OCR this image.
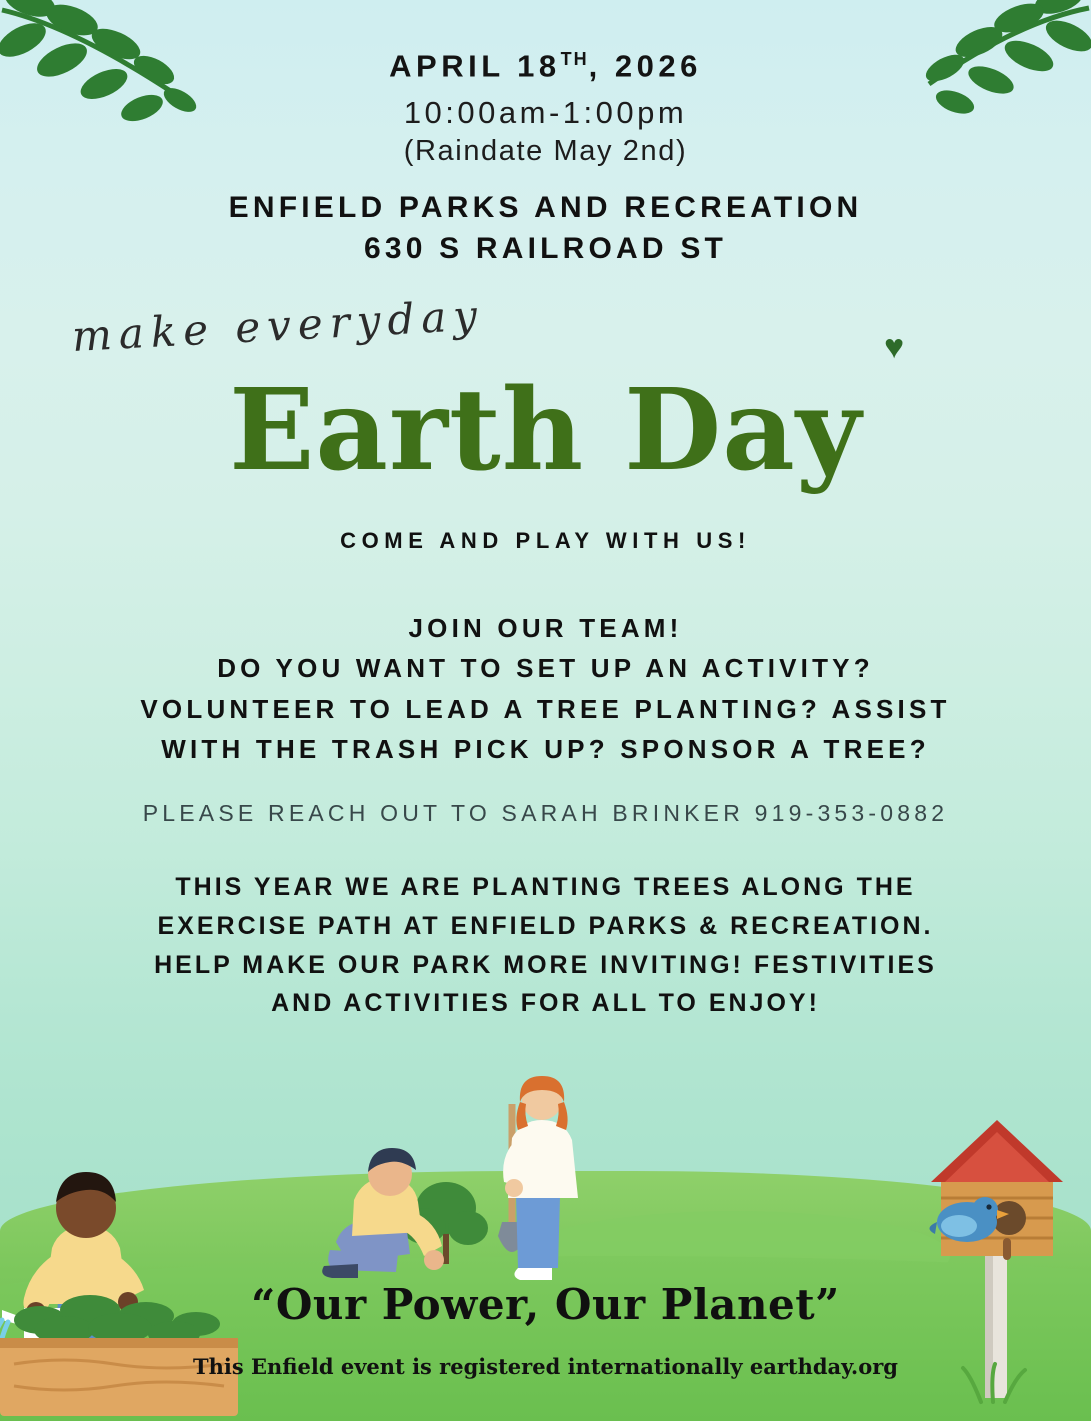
APRIL 18TH, 2026
10:00am-1:00pm
(Raindate May 2nd)
ENFIELD PARKS AND RECREATION
630 S RAILROAD ST
make everyday	♥
Earth Day
COME AND PLAY WITH US!
JOIN OUR TEAM!
DO YOU WANT TO SET UP AN ACTIVITY?
VOLUNTEER TO LEAD A TREE PLANTING? ASSIST
WITH THE TRASH PICK UP? SPONSOR A TREE?
PLEASE REACH OUT TO SARAH BRINKER 919-353-0882
THIS YEAR WE ARE PLANTING TREES ALONG THE
EXERCISE PATH AT ENFIELD PARKS & RECREATION.
HELP MAKE OUR PARK MORE INVITING! FESTIVITIES
AND ACTIVITIES FOR ALL TO ENJOY!
“Our Power, Our Planet”
This Enfield event is registered internationally earthday.org
